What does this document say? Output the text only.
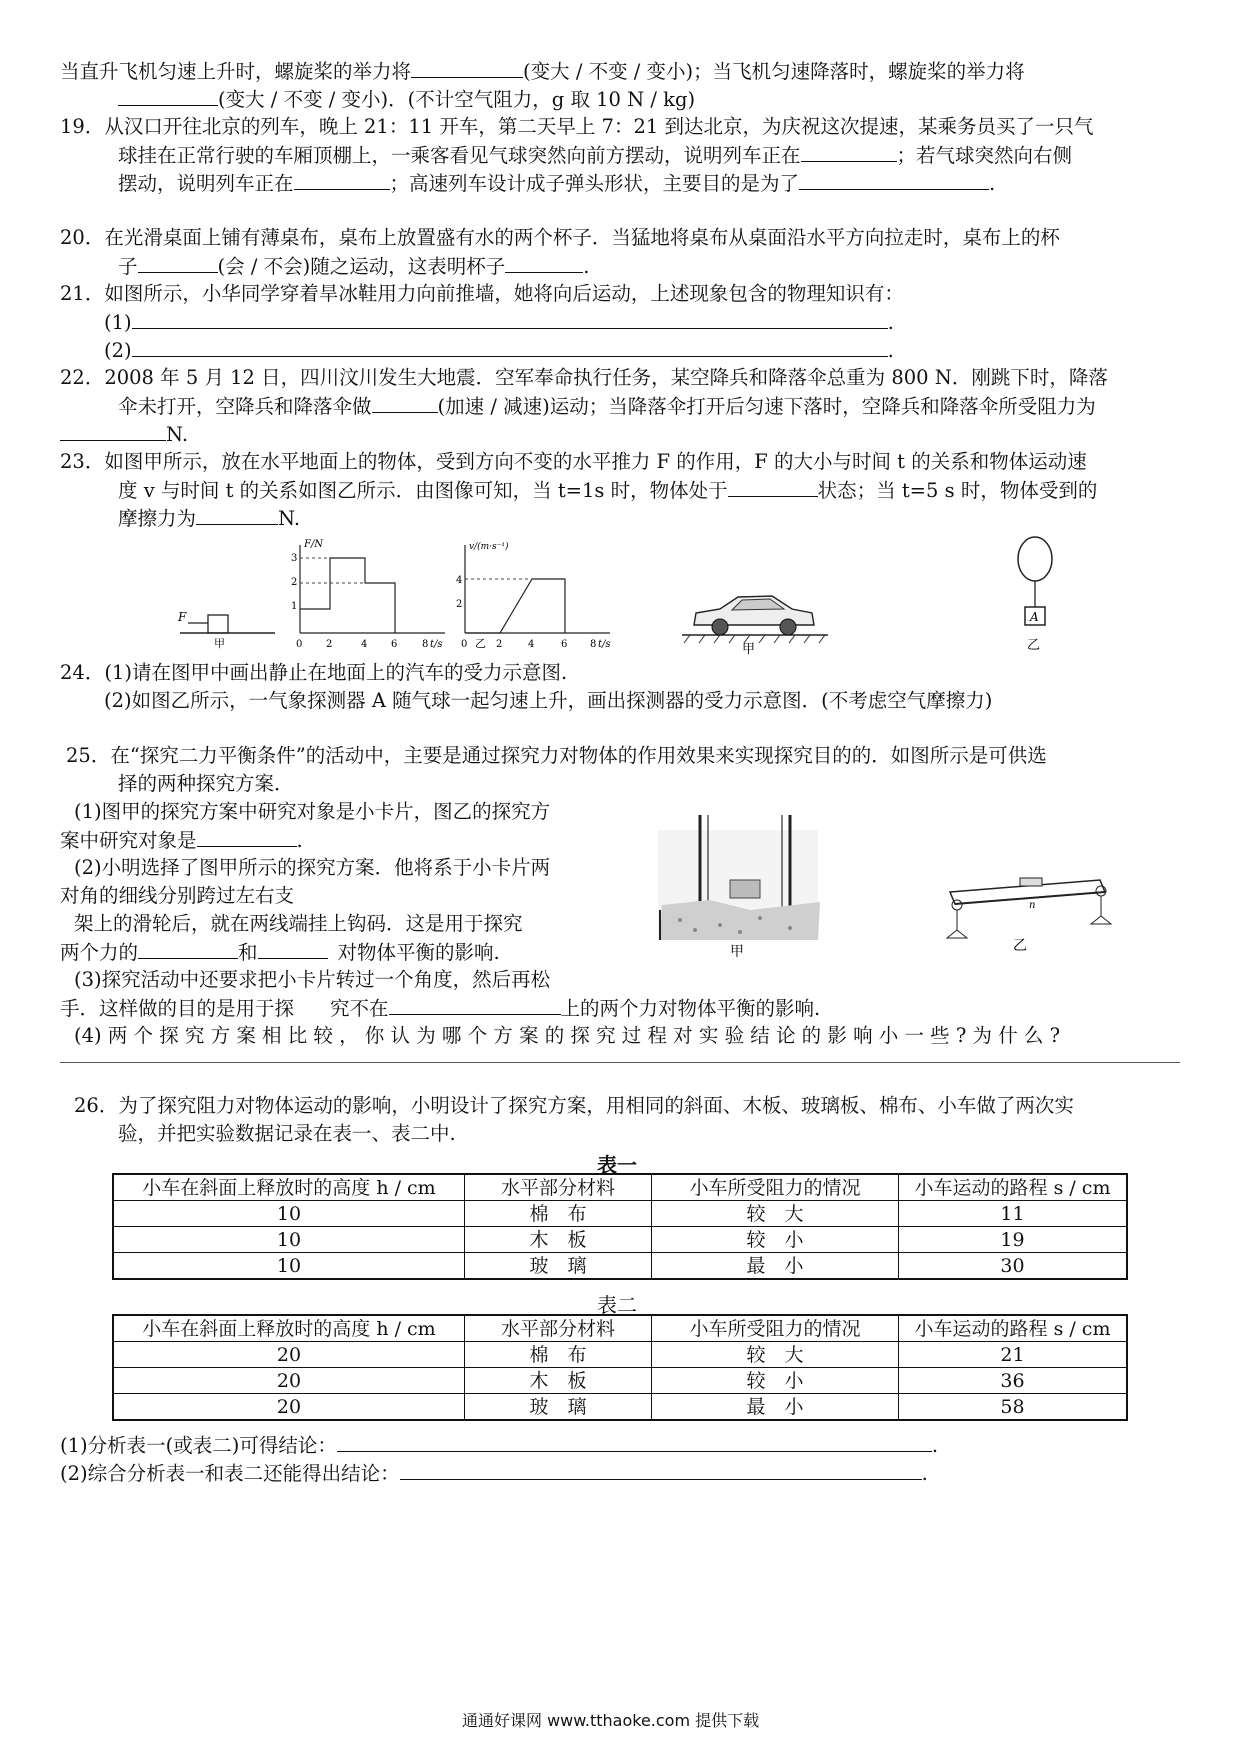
当直升飞机匀速上升时，螺旋桨的举力将	(变大 / 不变 / 变小)；当飞机匀速降落时，螺旋桨的举力将
(变大 / 不变 / 变小)．(不计空气阻力，g 取 10 N / kg)
19．从汉口开往北京的列车，晚上 21：11 开车，第二天早上 7：21 到达北京，为庆祝这次提速，某乘务员买了一只气
球挂在正常行驶的车厢顶棚上，一乘客看见气球突然向前方摆动，说明列车正在	；若气球突然向右侧
摆动，说明列车正在	；高速列车设计成子弹头形状，主要目的是为了	.
20．在光滑桌面上铺有薄桌布，桌布上放置盛有水的两个杯子．当猛地将桌布从桌面沿水平方向拉走时，桌布上的杯
子	(会 / 不会)随之运动，这表明杯子	.
21．如图所示，小华同学穿着旱冰鞋用力向前推墙，她将向后运动，上述现象包含的物理知识有：
(1)	.
(2)	.
22．2008 年 5 月 12 日，四川汶川发生大地震．空军奉命执行任务，某空降兵和降落伞总重为 800 N．刚跳下时，降落
伞未打开，空降兵和降落伞做	(加速 / 减速)运动；当降落伞打开后匀速下落时，空降兵和降落伞所受阻力为
N.
23．如图甲所示，放在水平地面上的物体，受到方向不变的水平推力 F 的作用，F 的大小与时间 t 的关系和物体运动速
度 v 与时间 t 的关系如图乙所示．由图像可知，当 t=1s 时，物体处于	状态；当 t=5 s 时，物体受到的
摩擦力为	N.
F
甲
F/N
3
2
1
0 2	4 6 8 t/s	乙
v/(m·s⁻¹)
4
2
0	2	4	6 8 t/s	甲
A
乙
24．(1)请在图甲中画出静止在地面上的汽车的受力示意图.
(2)如图乙所示，一气象探测器 A 随气球一起匀速上升，画出探测器的受力示意图．(不考虑空气摩擦力)
25．在“探究二力平衡条件”的活动中，主要是通过探究力对物体的作用效果来实现探究目的的．如图所示是可供选
择的两种探究方案．
(1)图甲的探究方案中研究对象是小卡片，图乙的探究方
案中研究对象是	.
(2)小明选择了图甲所示的探究方案．他将系于小卡片两
对角的细线分别跨过左右支
架上的滑轮后，就在两线端挂上钩码．这是用于探究
两个力的	和	对物体平衡的影响.
(3)探究活动中还要求把小卡片转过一个角度，然后再松
手．这样做的目的是用于探 究不在	上的两个力对物体平衡的影响.
(4) 两 个 探 究 方 案 相 比 较 ， 你 认 为 哪 个 方 案 的 探 究 过 程 对 实 验 结 论 的 影 响 小 一 些 ? 为 什 么 ?
甲
n
乙
26．为了探究阻力对物体运动的影响，小明设计了探究方案，用相同的斜面、木板、玻璃板、棉布、小车做了两次实
验，并把实验数据记录在表一、表二中.
表一
小车在斜面上释放时的高度 h / cm	水平部分材料	小车所受阻力的情况	小车运动的路程 s / cm
10	棉　布	较　大	11
10	木　板	较　小	19
10	玻　璃	最　小	30
表二
小车在斜面上释放时的高度 h / cm	水平部分材料	小车所受阻力的情况	小车运动的路程 s / cm
20	棉　布	较　大	21
20	木　板	较　小	36
20	玻　璃	最　小	58
(1)分析表一(或表二)可得结论：	.
(2)综合分析表一和表二还能得出结论：	.
通通好课网 www.tthaoke.com 提供下载
